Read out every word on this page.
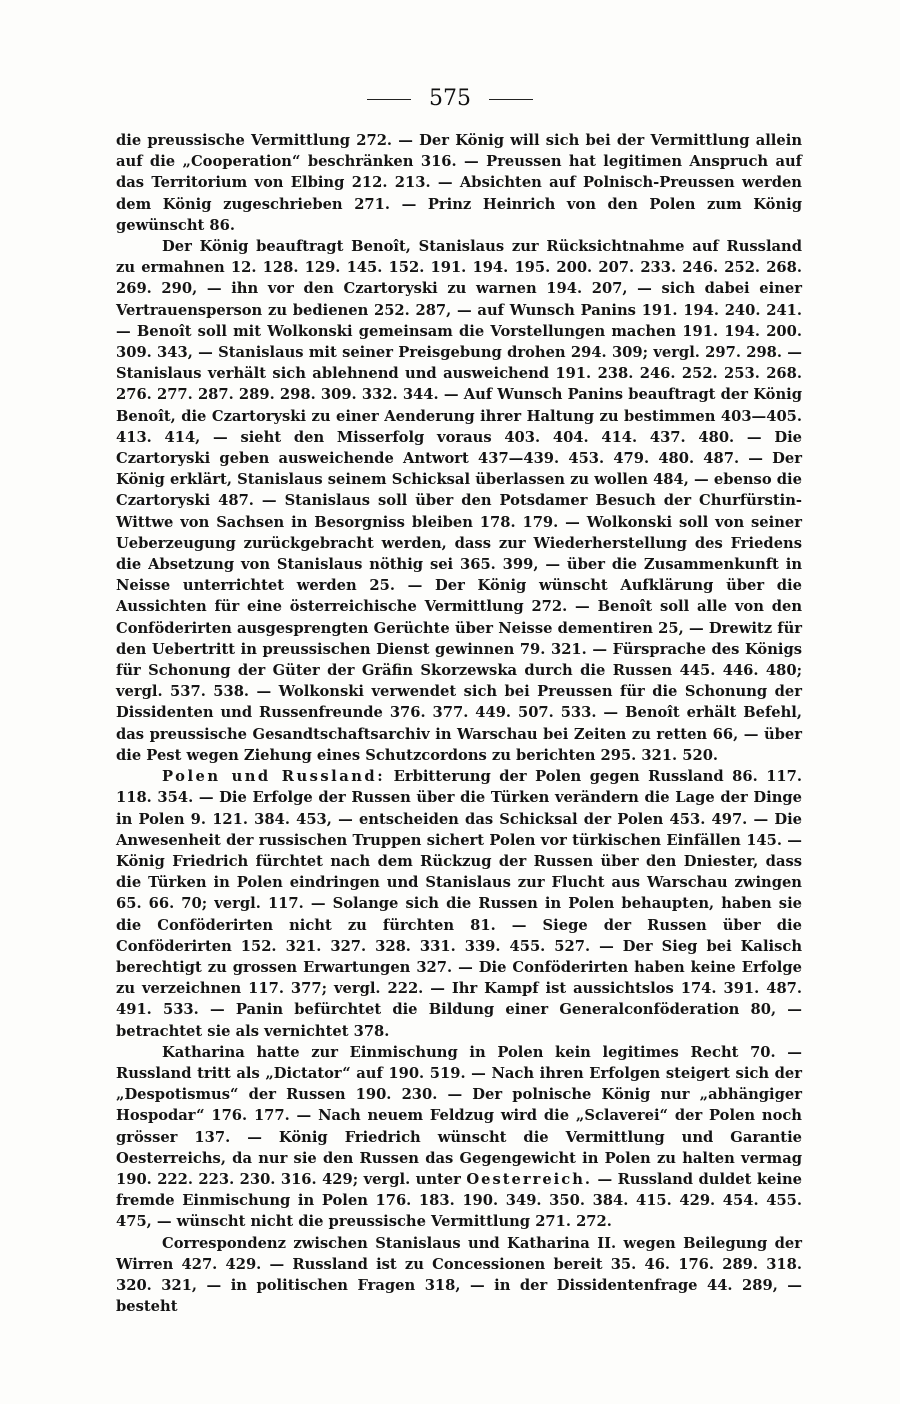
575

die preussische Vermittlung 272. — Der König will sich bei der Vermittlung allein auf die „Cooperation“ beschränken 316. — Preussen hat legitimen Anspruch auf das Territorium von Elbing 212. 213. — Absichten auf Polnisch-Preussen werden dem König zugeschrieben 271. — Prinz Heinrich von den Polen zum König gewünscht 86.

Der König beauftragt Benoît, Stanislaus zur Rücksichtnahme auf Russland zu ermahnen 12. 128. 129. 145. 152. 191. 194. 195. 200. 207. 233. 246. 252. 268. 269. 290, — ihn vor den Czartoryski zu warnen 194. 207, — sich dabei einer Vertrauensperson zu bedienen 252. 287, — auf Wunsch Panins 191. 194. 240. 241. — Benoît soll mit Wolkonski gemeinsam die Vorstellungen machen 191. 194. 200. 309. 343, — Stanislaus mit seiner Preisgebung drohen 294. 309; vergl. 297. 298. — Stanislaus verhält sich ablehnend und ausweichend 191. 238. 246. 252. 253. 268. 276. 277. 287. 289. 298. 309. 332. 344. — Auf Wunsch Panins beauftragt der König Benoît, die Czartoryski zu einer Aenderung ihrer Haltung zu bestimmen 403—405. 413. 414, — sieht den Misserfolg voraus 403. 404. 414. 437. 480. — Die Czartoryski geben ausweichende Antwort 437—439. 453. 479. 480. 487. — Der König erklärt, Stanislaus seinem Schicksal überlassen zu wollen 484, — ebenso die Czartoryski 487. — Stanislaus soll über den Potsdamer Besuch der Churfürstin-Wittwe von Sachsen in Besorgniss bleiben 178. 179. — Wolkonski soll von seiner Ueberzeugung zurückgebracht werden, dass zur Wiederherstellung des Friedens die Absetzung von Stanislaus nöthig sei 365. 399, — über die Zusammenkunft in Neisse unterrichtet werden 25. — Der König wünscht Aufklärung über die Aussichten für eine österreichische Vermittlung 272. — Benoît soll alle von den Conföderirten ausgesprengten Gerüchte über Neisse dementiren 25, — Drewitz für den Uebertritt in preussischen Dienst gewinnen 79. 321. — Fürsprache des Königs für Schonung der Güter der Gräfin Skorzewska durch die Russen 445. 446. 480; vergl. 537. 538. — Wolkonski verwendet sich bei Preussen für die Schonung der Dissidenten und Russenfreunde 376. 377. 449. 507. 533. — Benoît erhält Befehl, das preussische Gesandtschaftsarchiv in Warschau bei Zeiten zu retten 66, — über die Pest wegen Ziehung eines Schutzcordons zu berichten 295. 321. 520.

Polen und Russland: Erbitterung der Polen gegen Russland 86. 117. 118. 354. — Die Erfolge der Russen über die Türken verändern die Lage der Dinge in Polen 9. 121. 384. 453, — entscheiden das Schicksal der Polen 453. 497. — Die Anwesenheit der russischen Truppen sichert Polen vor türkischen Einfällen 145. — König Friedrich fürchtet nach dem Rückzug der Russen über den Dniester, dass die Türken in Polen eindringen und Stanislaus zur Flucht aus Warschau zwingen 65. 66. 70; vergl. 117. — Solange sich die Russen in Polen behaupten, haben sie die Conföderirten nicht zu fürchten 81. — Siege der Russen über die Conföderirten 152. 321. 327. 328. 331. 339. 455. 527. — Der Sieg bei Kalisch berechtigt zu grossen Erwartungen 327. — Die Conföderirten haben keine Erfolge zu verzeichnen 117. 377; vergl. 222. — Ihr Kampf ist aussichtslos 174. 391. 487. 491. 533. — Panin befürchtet die Bildung einer Generalconföderation 80, — betrachtet sie als vernichtet 378.

Katharina hatte zur Einmischung in Polen kein legitimes Recht 70. — Russland tritt als „Dictator“ auf 190. 519. — Nach ihren Erfolgen steigert sich der „Despotismus“ der Russen 190. 230. — Der polnische König nur „abhängiger Hospodar“ 176. 177. — Nach neuem Feldzug wird die „Sclaverei“ der Polen noch grösser 137. — König Friedrich wünscht die Vermittlung und Garantie Oesterreichs, da nur sie den Russen das Gegengewicht in Polen zu halten vermag 190. 222. 223. 230. 316. 429; vergl. unter Oesterreich. — Russland duldet keine fremde Einmischung in Polen 176. 183. 190. 349. 350. 384. 415. 429. 454. 455. 475, — wünscht nicht die preussische Vermittlung 271. 272.

Correspondenz zwischen Stanislaus und Katharina II. wegen Beilegung der Wirren 427. 429. — Russland ist zu Concessionen bereit 35. 46. 176. 289. 318. 320. 321, — in politischen Fragen 318, — in der Dissidentenfrage 44. 289, — besteht
